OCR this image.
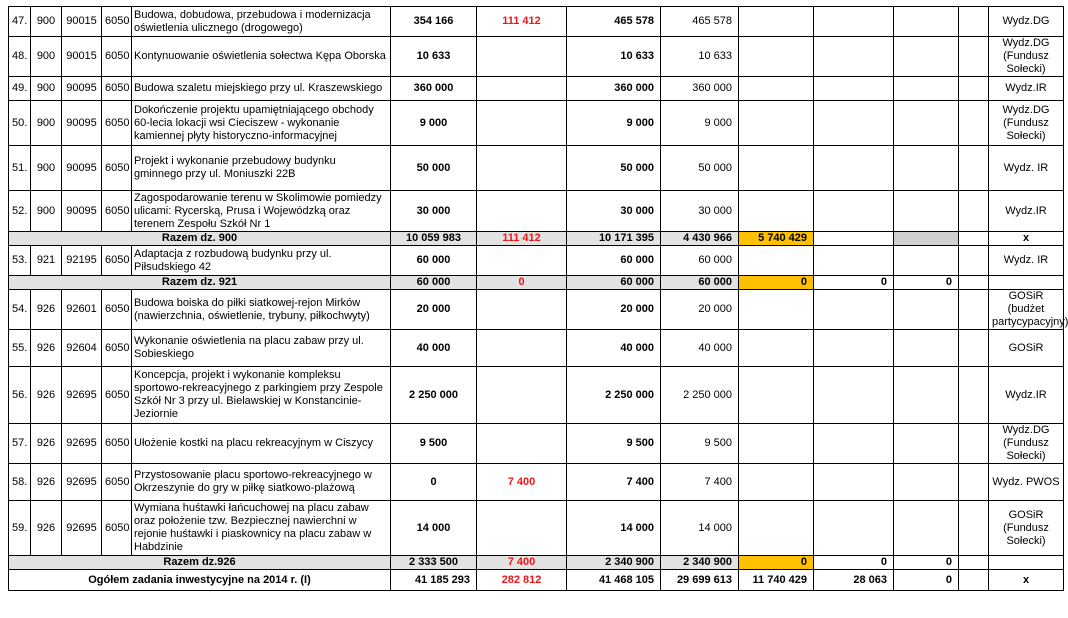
47.	900	90015	6050	Budowa, dobudowa, przebudowa i modernizacja oświetlenia ulicznego (drogowego)	354 166	111 412	465 578	465 578					Wydz.DG
48.	900	90015	6050	Kontynuowanie oświetlenia sołectwa Kępa Oborska	10 633		10 633	10 633					Wydz.DG (Fundusz Sołecki)
49.	900	90095	6050	Budowa szaletu miejskiego przy ul. Kraszewskiego	360 000		360 000	360 000					Wydz.IR
50.	900	90095	6050	Dokończenie projektu upamiętniającego obchody 60-lecia lokacji wsi Cieciszew - wykonanie kamiennej płyty historyczno-informacyjnej	9 000		9 000	9 000					Wydz.DG (Fundusz Sołecki)
51.	900	90095	6050	Projekt i wykonanie przebudowy budynku gminnego przy ul. Moniuszki 22B	50 000		50 000	50 000					Wydz. IR
52.	900	90095	6050	Zagospodarowanie terenu w Skolimowie pomiedzy ulicami: Rycerską, Prusa i Wojewódzką oraz terenem Zespołu Szkół Nr 1	30 000		30 000	30 000					Wydz.IR
Razem dz. 900					10 059 983	111 412	10 171 395	4 430 966	5 740 429				x
53.	921	92195	6050	Adaptacja z rozbudową budynku przy ul. Piłsudskiego 42	60 000		60 000	60 000					Wydz. IR
Razem dz. 921					60 000	0	60 000	60 000	0	0	0		
54.	926	92601	6050	Budowa boiska do piłki siatkowej-rejon Mirków (nawierzchnia, oświetlenie, trybuny, piłkochwyty)	20 000		20 000	20 000					GOSiR (budżet partycypacyjny)
55.	926	92604	6050	Wykonanie oświetlenia na placu zabaw przy ul. Sobieskiego	40 000		40 000	40 000					GOSiR
56.	926	92695	6050	Koncepcja, projekt i wykonanie kompleksu sportowo-rekreacyjnego z parkingiem przy Zespole Szkół Nr 3 przy ul. Bielawskiej w Konstancinie-Jeziornie	2 250 000		2 250 000	2 250 000					Wydz.IR
57.	926	92695	6050	Ułożenie kostki na placu rekreacyjnym w Ciszycy	9 500		9 500	9 500					Wydz.DG (Fundusz Sołecki)
58.	926	92695	6050	Przystosowanie placu sportowo-rekreacyjnego w Okrzeszynie do gry w piłkę siatkowo-plażową	0	7 400	7 400	7 400					Wydz. PWOS
59.	926	92695	6050	Wymiana huśtawki łańcuchowej na placu zabaw oraz położenie tzw. Bezpiecznej nawierchni w rejonie huśtawki i piaskownicy na placu zabaw w Habdzinie	14 000		14 000	14 000					GOSiR (Fundusz Sołecki)
Razem dz.926					2 333 500	7 400	2 340 900	2 340 900	0	0	0		
Ogółem zadania inwestycyjne na 2014 r. (I)					41 185 293	282 812	41 468 105	29 699 613	11 740 429	28 063	0		x
